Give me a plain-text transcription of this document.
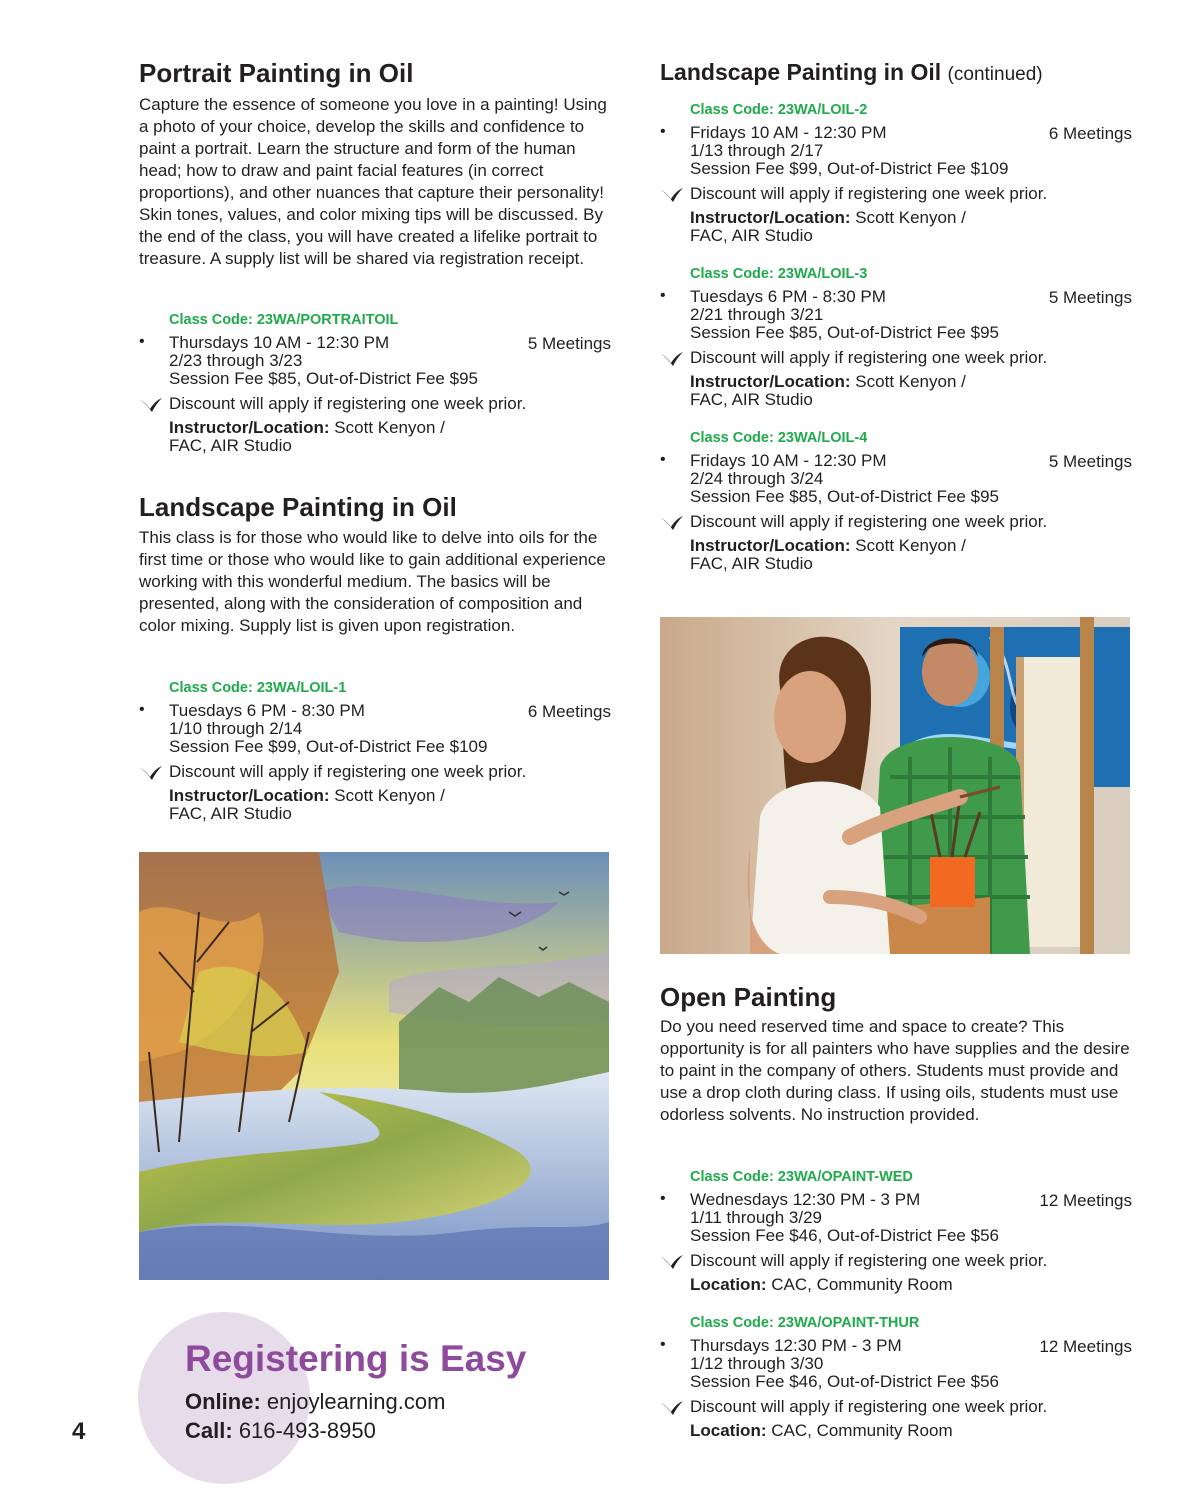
Portrait Painting in Oil
Capture the essence of someone you love in a painting! Using a photo of your choice, develop the skills and confidence to paint a portrait. Learn the structure and form of the human head; how to draw and paint facial features (in correct proportions), and other nuances that capture their personality! Skin tones, values, and color mixing tips will be discussed. By the end of the class, you will have created a lifelike portrait to treasure. A supply list will be shared via registration receipt.
Class Code: 23WA/PORTRAITOIL
• Thursdays 10 AM - 12:30 PM
2/23 through 3/23
Session Fee $85, Out-of-District Fee $95
5 Meetings
Discount will apply if registering one week prior.
Instructor/Location: Scott Kenyon /
FAC, AIR Studio
Landscape Painting in Oil
This class is for those who would like to delve into oils for the first time or those who would like to gain additional experience working with this wonderful medium. The basics will be presented, along with the consideration of composition and color mixing. Supply list is given upon registration.
Class Code: 23WA/LOIL-1
• Tuesdays 6 PM - 8:30 PM
1/10 through 2/14
Session Fee $99, Out-of-District Fee $109
6 Meetings
Discount will apply if registering one week prior.
Instructor/Location: Scott Kenyon /
FAC, AIR Studio
Landscape Painting in Oil (continued)
Class Code: 23WA/LOIL-2
• Fridays 10 AM - 12:30 PM
1/13 through 2/17
Session Fee $99, Out-of-District Fee $109
6 Meetings
Discount will apply if registering one week prior.
Instructor/Location: Scott Kenyon /
FAC, AIR Studio
Class Code: 23WA/LOIL-3
• Tuesdays 6 PM - 8:30 PM
2/21 through 3/21
Session Fee $85, Out-of-District Fee $95
5 Meetings
Discount will apply if registering one week prior.
Instructor/Location: Scott Kenyon /
FAC, AIR Studio
Class Code: 23WA/LOIL-4
• Fridays 10 AM - 12:30 PM
2/24 through 3/24
Session Fee $85, Out-of-District Fee $95
5 Meetings
Discount will apply if registering one week prior.
Instructor/Location: Scott Kenyon /
FAC, AIR Studio
Open Painting
Do you need reserved time and space to create? This opportunity is for all painters who have supplies and the desire to paint in the company of others. Students must provide and use a drop cloth during class. If using oils, students must use odorless solvents. No instruction provided.
Class Code: 23WA/OPAINT-WED
• Wednesdays 12:30 PM - 3 PM
1/11 through 3/29
Session Fee $46, Out-of-District Fee $56
12 Meetings
Discount will apply if registering one week prior.
Location: CAC, Community Room
Class Code: 23WA/OPAINT-THUR
• Thursdays 12:30 PM - 3 PM
1/12 through 3/30
Session Fee $46, Out-of-District Fee $56
12 Meetings
Discount will apply if registering one week prior.
Location: CAC, Community Room
Registering is Easy
Online: enjoylearning.com
Call: 616-493-8950
4
